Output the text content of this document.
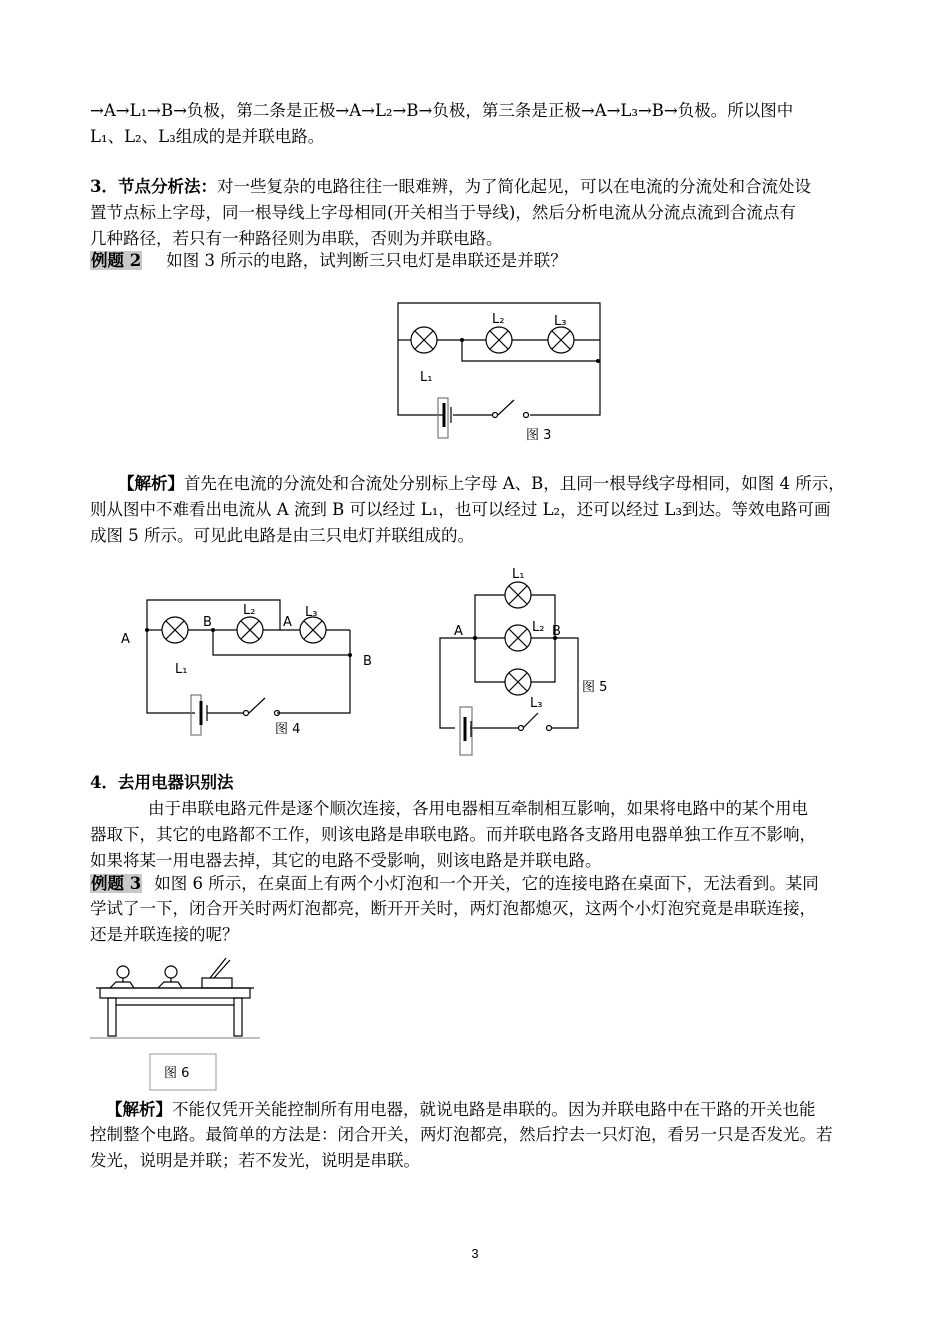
→A→L₁→B→负极，第二条是正极→A→L₂→B→负极，第三条是正极→A→L₃→B→负极。所以图中
L₁、L₂、L₃组成的是并联电路。
3．节点分析法：对一些复杂的电路往往一眼难辨，为了简化起见，可以在电流的分流处和合流处设
置节点标上字母，同一根导线上字母相同(开关相当于导线)，然后分析电流从分流点流到合流点有
几种路径，若只有一种路径则为串联，否则为并联电路。
例题 2 如图 3 所示的电路，试判断三只电灯是串联还是并联？
L₁
L₂	L₃
图 3
【解析】首先在电流的分流处和合流处分别标上字母 A、B，且同一根导线字母相同，如图 4 所示，
则从图中不难看出电流从 A 流到 B 可以经过 L₁，也可以经过 L₂，还可以经过 L₃到达。等效电路可画
成图 5 所示。可见此电路是由三只电灯并联组成的。
A
B	A
B
L₁
L₂	L₃
图 4
A	B
L₁
L₂
L₃
图 5
4．去用电器识别法
由于串联电路元件是逐个顺次连接，各用电器相互牵制相互影响，如果将电路中的某个用电
器取下，其它的电路都不工作，则该电路是串联电路。而并联电路各支路用电器单独工作互不影响，
如果将某一用电器去掉，其它的电路不受影响，则该电路是并联电路。
例题 3 如图 6 所示，在桌面上有两个小灯泡和一个开关，它的连接电路在桌面下，无法看到。某同
学试了一下，闭合开关时两灯泡都亮，断开开关时，两灯泡都熄灭，这两个小灯泡究竟是串联连接，
还是并联连接的呢？
图 6
【解析】不能仅凭开关能控制所有用电器，就说电路是串联的。因为并联电路中在干路的开关也能
控制整个电路。最简单的方法是：闭合开关，两灯泡都亮，然后拧去一只灯泡，看另一只是否发光。若
发光，说明是并联；若不发光，说明是串联。
3
